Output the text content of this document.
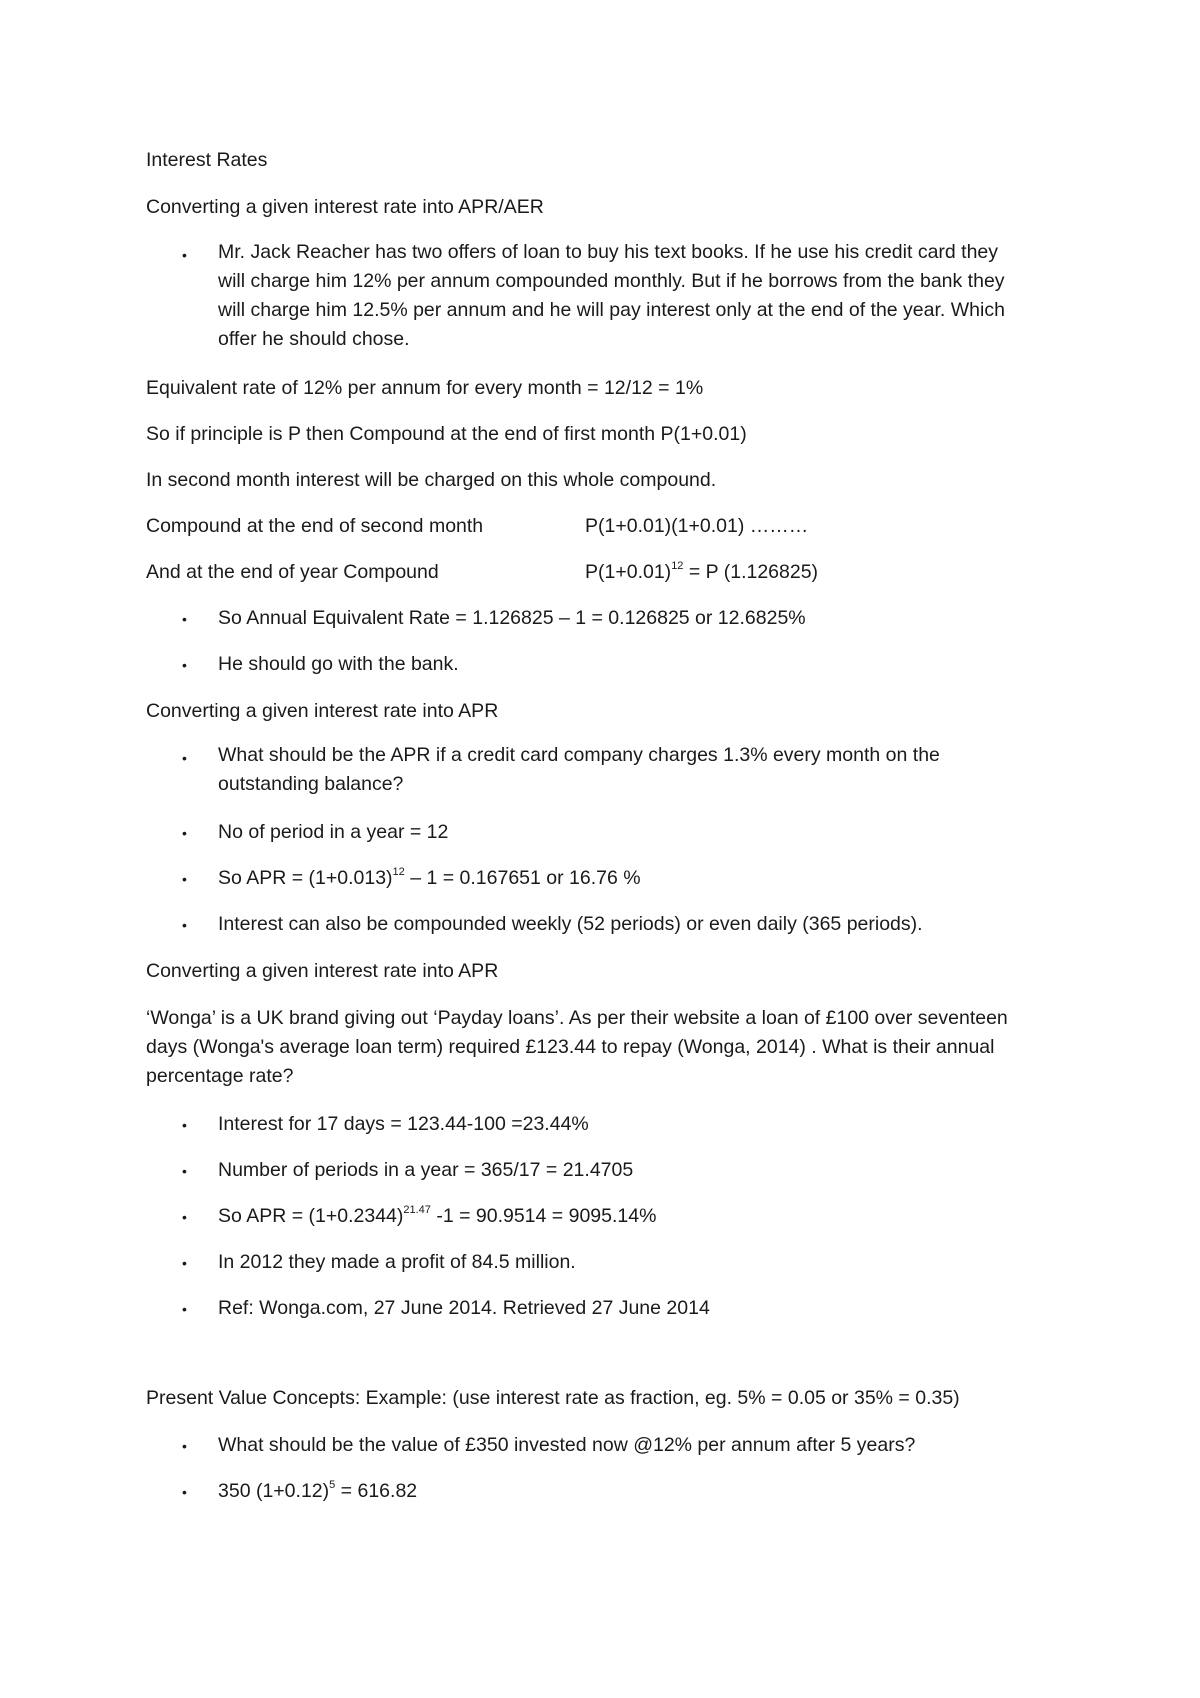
Interest Rates
Converting a given interest rate into APR/AER
• Mr. Jack Reacher has two offers of loan to buy his text books. If he use his credit card they
will charge him 12% per annum compounded monthly. But if he borrows from the bank they
will charge him 12.5% per annum and he will pay interest only at the end of the year. Which
offer he should chose.
Equivalent rate of 12% per annum for every month = 12/12 = 1%
So if principle is P then Compound at the end of first month P(1+0.01)
In second month interest will be charged on this whole compound.
Compound at the end of second month	P(1+0.01)(1+0.01) ………
And at the end of year Compound	$P(1+0.01)^{12} = P$ (1.126825)
• So Annual Equivalent Rate = 1.126825 – 1 = 0.126825 or 12.6825%
• He should go with the bank.
Converting a given interest rate into APR
• What should be the APR if a credit card company charges 1.3% every month on the
outstanding balance?
• No of period in a year = 12
• So APR = $(1+0.013)^{12} - 1 = 0.167651$ or 16.76 %
• Interest can also be compounded weekly (52 periods) or even daily (365 periods).
Converting a given interest rate into APR
‘Wonga’ is a UK brand giving out ‘Payday loans’. As per their website a loan of £100 over seventeen
days (Wonga's average loan term) required £123.44 to repay (Wonga, 2014) . What is their annual
percentage rate?
• Interest for 17 days = 123.44-100 =23.44%
• Number of periods in a year = 365/17 = 21.4705
• So APR = $(1+0.2344)^{21.47}$ -1 = 90.9514 = 9095.14%
• In 2012 they made a profit of 84.5 million.
• Ref: Wonga.com, 27 June 2014. Retrieved 27 June 2014
Present Value Concepts: Example: (use interest rate as fraction, eg. 5% = 0.05 or 35% = 0.35)
• What should be the value of £350 invested now @12% per annum after 5 years?
• 350 $(1+0.12)^5 = 616.82$
